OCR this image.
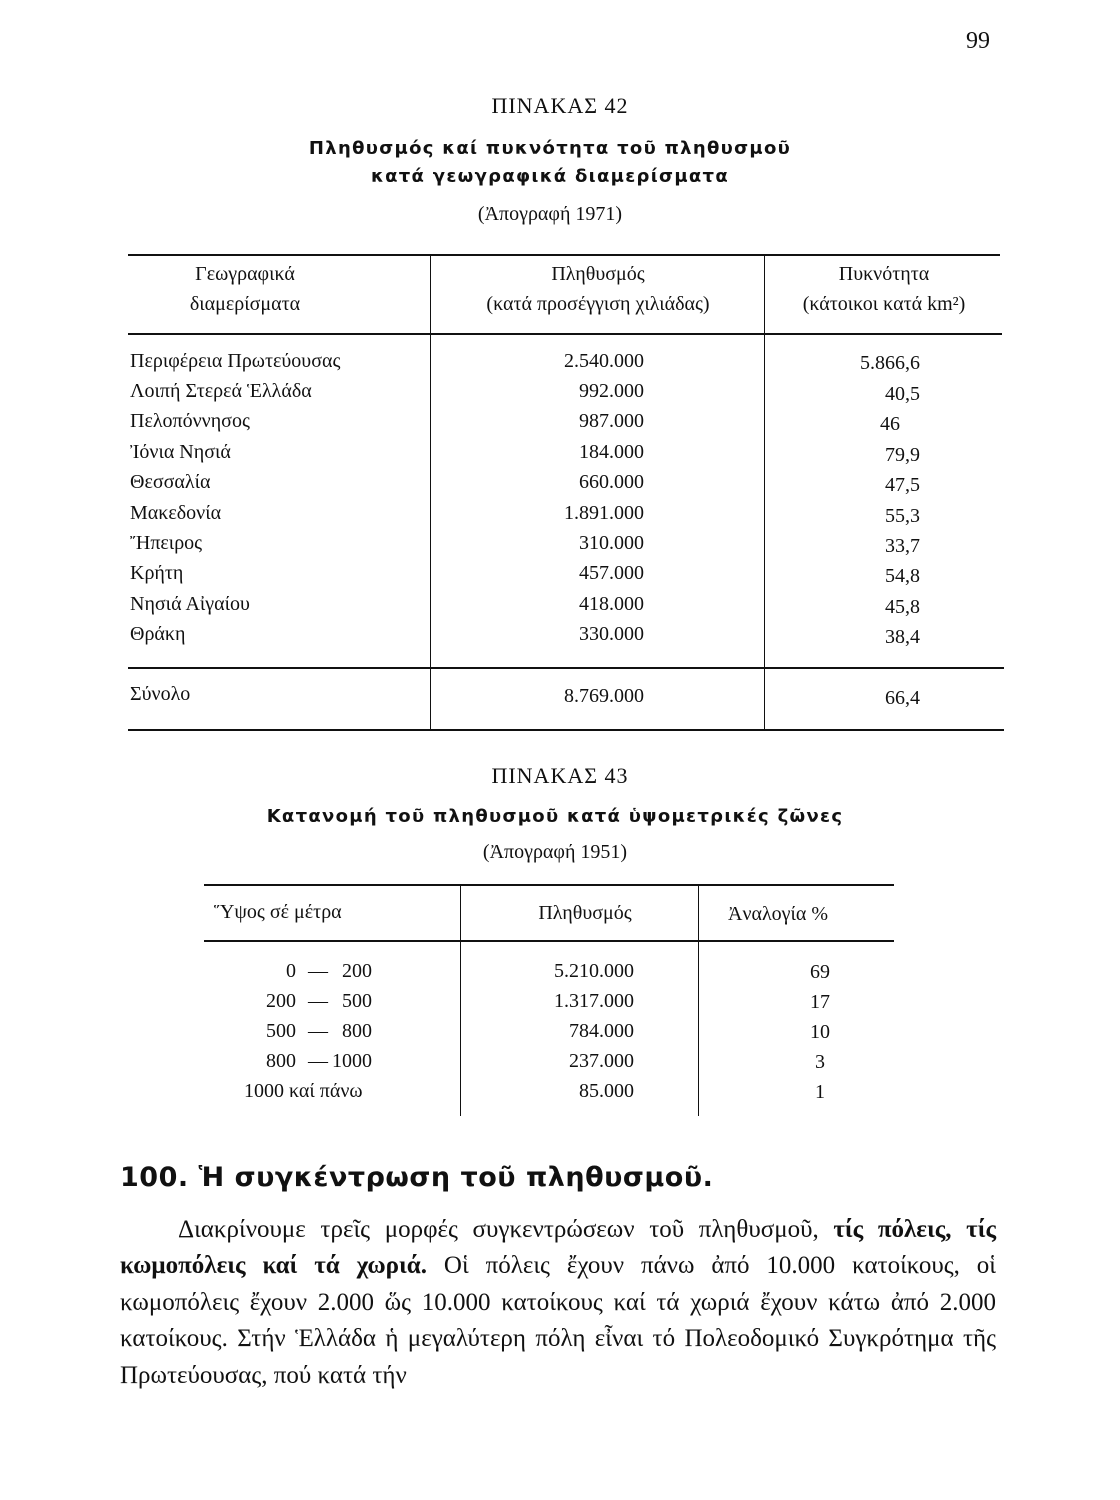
99
ΠΙΝΑΚΑΣ 42
Πληθυσμός καί πυκνότητα τοῦ πληθυσμοῦ
κατά γεωγραφικά διαμερίσματα
(Ἀπογραφή 1971)
Γεωγραφικά
διαμερίσματα
Πληθυσμός
(κατά προσέγγιση χιλιάδας)
Πυκνότητα
(κάτοικοι κατά km²)
Περιφέρεια Πρωτεύουσας	2.540.000	5.866,6
Λοιπή Στερεά Ἑλλάδα	992.000	40,5
Πελοπόννησος	987.000	46
Ἰόνια Νησιά	184.000	79,9
Θεσσαλία	660.000	47,5
Μακεδονία	1.891.000	55,3
Ἤπειρος	310.000	33,7
Κρήτη	457.000	54,8
Νησιά Αἰγαίου	418.000	45,8
Θράκη	330.000	38,4
Σύνολο	8.769.000	66,4
ΠΙΝΑΚΑΣ 43
Κατανομή τοῦ πληθυσμοῦ κατά ὑψομετρικές ζῶνες
(Ἀπογραφή 1951)
Ὕψος σέ μέτρα	Πληθυσμός	Ἀναλογία %
0 — 200	5.210.000	69
200 — 500	1.317.000	17
500 — 800	784.000	10
800 — 1000	237.000	3
1000 καί πάνω	85.000	1
100. Ἡ συγκέντρωση τοῦ πληθυσμοῦ.
Διακρίνουμε τρεῖς μορφές συγκεντρώσεων τοῦ πληθυσμοῦ, τίς πόλεις, τίς κωμοπόλεις καί τά χωριά. Οἱ πόλεις ἔχουν πάνω ἀπό 10.000 κατοίκους, οἱ κωμοπόλεις ἔχουν 2.000 ὥς 10.000 κατοίκους καί τά χωριά ἔχουν κάτω ἀπό 2.000 κατοίκους. Στήν Ἑλλάδα ἡ μεγαλύτερη πόλη εἶναι τό Πολεοδομικό Συγκρότημα τῆς Πρωτεύουσας, πού κατά τήν
